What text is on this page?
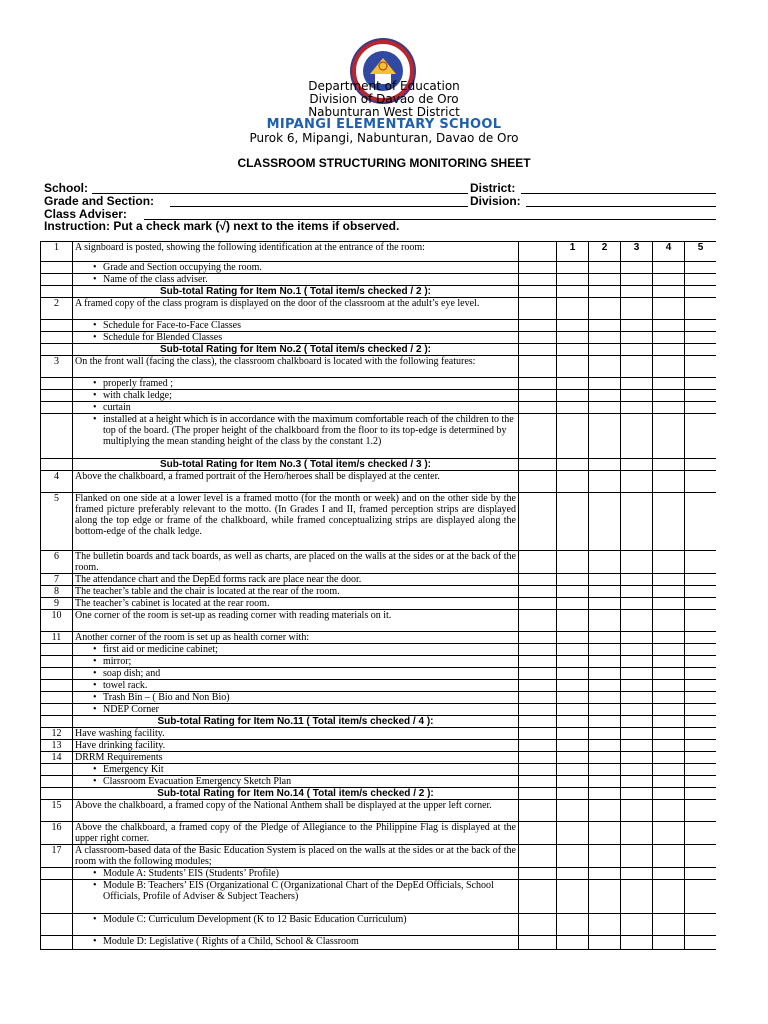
Department of Education
Division of Davao de Oro
Nabunturan West District
MIPANGI ELEMENTARY SCHOOL
Purok 6, Mipangi, Nabunturan, Davao de Oro
CLASSROOM STRUCTURING MONITORING SHEET
School:	District:
Grade and Section:	Division:
Class Adviser:
Instruction: Put a check mark (√) next to the items if observed.
1	A signboard is posted, showing the following identification at the entrance of the room:		1	2	3	4	5

	• Grade and Section occupying the room.

	• Name of the class adviser.

	Sub-total Rating for Item No.1 ( Total item/s checked / 2 ):						
2	A framed copy of the class program is displayed on the door of the classroom at the adult’s eye level.						

	• Schedule for Face-to-Face Classes

	• Schedule for Blended Classes

	Sub-total Rating for Item No.2 ( Total item/s checked / 2 ):						
3	On the front wall (facing the class), the classroom chalkboard is located with the following features:						

	• properly framed ;

	• with chalk ledge;

	• curtain

	• installed at a height which is in accordance with the maximum comfortable reach of the children to the top of the board. (The proper height of the chalkboard from the floor to its top-edge is determined by multiplying the mean standing height of the class by the constant 1.2)

	Sub-total Rating for Item No.3 ( Total item/s checked / 3 ):						
4	Above the chalkboard, a framed portrait of the Hero/heroes shall be displayed at the center.						
5	Flanked on one side at a lower level is a framed motto (for the month or week) and on the other side by the framed picture preferably relevant to the motto. (In Grades I and II, framed perception strips are displayed along the top edge or frame of the chalkboard, while framed conceptualizing strips are displayed along the bottom-edge of the chalk ledge.						
6	The bulletin boards and tack boards, as well as charts, are placed on the walls at the sides or at the back of the room.						
7	The attendance chart and the DepEd forms rack are place near the door.						
8	The teacher’s table and the chair is located at the rear of the room.						
9	The teacher’s cabinet is located at the rear room.						
10	One corner of the room is set-up as reading corner with reading materials on it.						
11	Another corner of the room is set up as health corner with:						

	• first aid or medicine cabinet;

	• mirror;

	• soap dish; and

	• towel rack.

	• Trash Bin – ( Bio and Non Bio)

	• NDEP Corner

	Sub-total Rating for Item No.11 ( Total item/s checked / 4 ):						
12	Have washing facility.						
13	Have drinking facility.						
14	DRRM Requirements						

	• Emergency Kit

	• Classroom Evacuation Emergency Sketch Plan

	Sub-total Rating for Item No.14 ( Total item/s checked / 2 ):						
15	Above the chalkboard, a framed copy of the National Anthem shall be displayed at the upper left corner.						
16	Above the chalkboard, a framed copy of the Pledge of Allegiance to the Philippine Flag is displayed at the upper right corner.						
17	A classroom-based data of the Basic Education System is placed on the walls at the sides or at the back of the room with the following modules;						

	• Module A: Students’ EIS (Students’ Profile)

	• Module B: Teachers’ EIS (Organizational C (Organizational Chart of the DepEd Officials, School Officials, Profile of Adviser & Subject Teachers)

	• Module C: Curriculum Development (K to 12 Basic Education Curriculum)

	• Module D: Legislative ( Rights of a Child, School & Classroom
